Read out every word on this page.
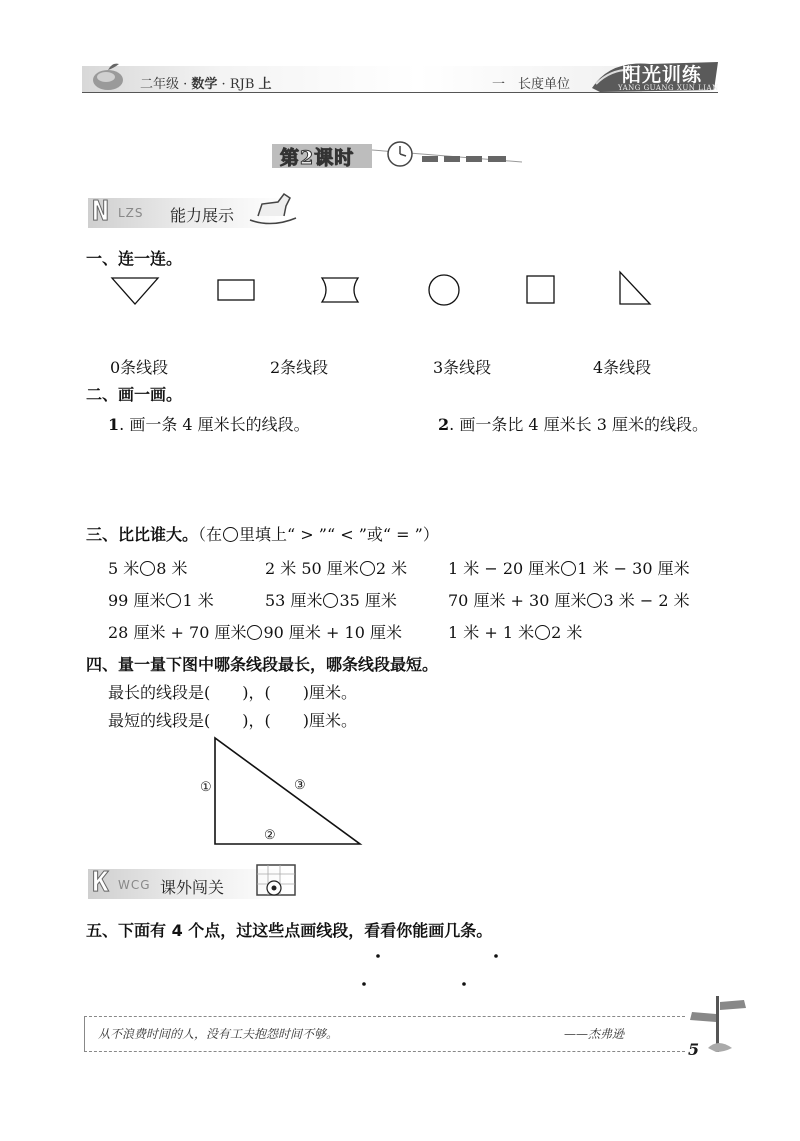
二年级 · 数学 · RJB 上	一　长度单位	阳光训练
YANG GUANG XUN LIAN
第2课时
N LZS 能力展示
一、连一连。
0条线段	2条线段	3条线段	4条线段
二、画一画。
1. 画一条 4 厘米长的线段。	2. 画一条比 4 厘米长 3 厘米的线段。
三、比比谁大。（在 里填上“ > ”“ < ”或“ = ”）
5 米 8 米	2 米 50 厘米 2 米	1 米 − 20 厘米 1 米 − 30 厘米
99 厘米 1 米	53 厘米 35 厘米	70 厘米 + 30 厘米 3 米 − 2 米
28 厘米 + 70 厘米 90 厘米 + 10 厘米	1 米 + 1 米 2 米
四、量一量下图中哪条线段最长，哪条线段最短。
最长的线段是(　　)，(　　)厘米。
最短的线段是(　　)，(　　)厘米。
①
②
③
K WCG 课外闯关
五、下面有 4 个点，过这些点画线段，看看你能画几条。
从不浪费时间的人，没有工夫抱怨时间不够。	——杰弗逊
5
